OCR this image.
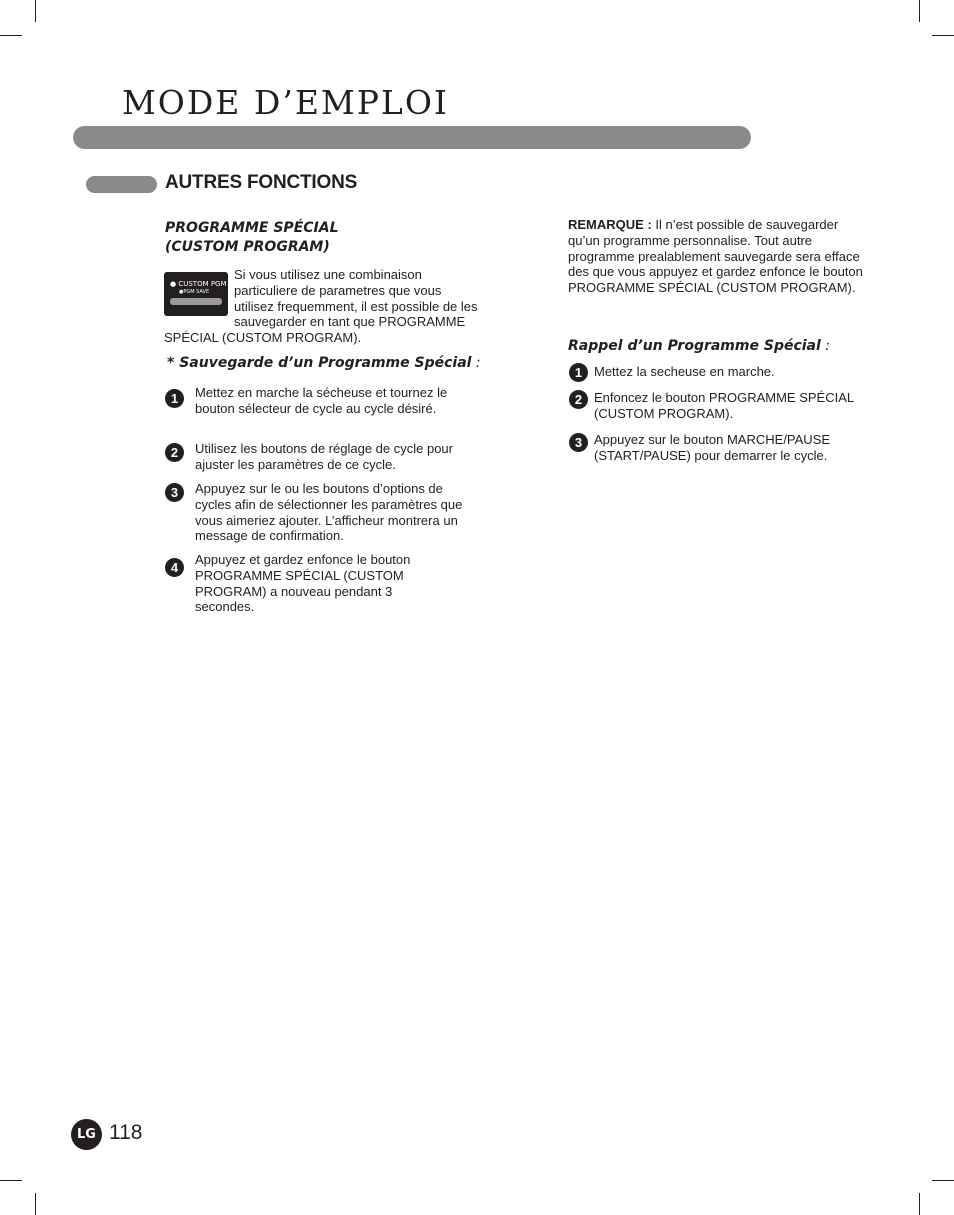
MODE D’EMPLOI
AUTRES FONCTIONS
PROGRAMME SPÉCIAL
(CUSTOM PROGRAM)
Si vous utilisez une combinaison particuliere de parametres que vous utilisez frequemment, il est possible de les sauvegarder en tant que PROGRAMME SPÉCIAL (CUSTOM PROGRAM).
● CUSTOM PGM
●PGM SAVE
* Sauvegarde d’un Programme Spécial :
1	Mettez en marche la sécheuse et tournez le bouton sélecteur de cycle au cycle désiré.
2	Utilisez les boutons de réglage de cycle pour ajuster les paramètres de ce cycle.
3	Appuyez sur le ou les boutons d’options de cycles afin de sélectionner les paramètres que vous aimeriez ajouter. L’afficheur montrera un message de confirmation.
4
Appuyez et gardez enfonce le bouton PROGRAMME SPÉCIAL (CUSTOM PROGRAM) a nouveau pendant 3 secondes.
REMARQUE : Il n’est possible de sauvegarder qu’un programme personnalise. Tout autre programme prealablement sauvegarde sera efface des que vous appuyez et gardez enfonce le bouton PROGRAMME SPÉCIAL (CUSTOM PROGRAM).
Rappel d’un Programme Spécial :
1 Mettez la secheuse en marche.
2 Enfoncez le bouton PROGRAMME SPÉCIAL (CUSTOM PROGRAM).
3 Appuyez sur le bouton MARCHE/PAUSE (START/PAUSE) pour demarrer le cycle.
LG 118
